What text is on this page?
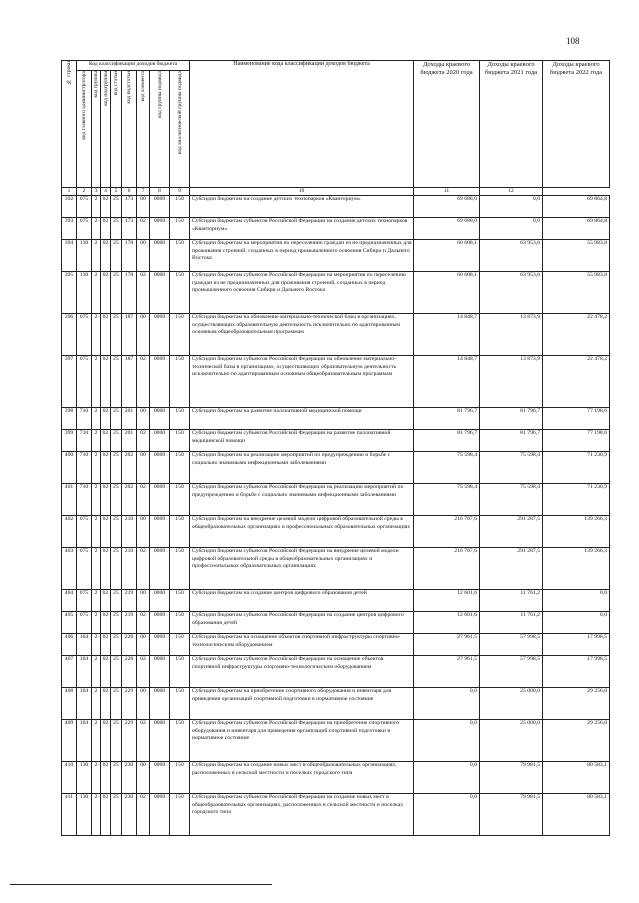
108
№ строки	Код классификации доходов бюджета								Наименование кода классификации доходов бюджета	Доходы краевого бюджета 2020 года	Доходы краевого бюджета 2021 года	Доходы краевого бюджета 2022 года
	код главного администратора	код группы	код подгруппы	код статьи	код подстатьи	код элемента	код группы подвида	код аналитической группы подвида				
1	2	3	4	5	6	7	8	9	10	11	12	
392	075	2	02	25	173	00	0000	150	Субсидии бюджетам на создание детских технопарков «Кванториум»	69 688,0	0,0	69 864,8
393	075	2	02	25	173	02	0000	150	Субсидии бюджетам субъектов Российской Федерации на создание детских технопарков «Кванториум»	69 688,0	0,0	69 864,8
394	130	2	02	25	178	00	0000	150	Субсидии бюджетам на мероприятия по переселению граждан из не предназначенных для проживания строений, созданных в период промышленного освоения Сибири и Дальнего Востока	60 608,1	63 953,6	55 983,8
395	130	2	02	25	178	02	0000	150	Субсидии бюджетам субъектов Российской Федерации на мероприятия по переселению граждан из не предназначенных для проживания строений, созданных в период промышленного освоения Сибири и Дальнего Востока	60 608,1	63 953,6	55 983,8
396	075	2	02	25	187	00	0000	150	Субсидии бюджетам на обновление материально-технической базы в организациях, осуществляющих образовательную деятельность исключительно по адаптированным основным общеобразовательным программам	14 848,7	13 873,9	22 478,2
397	075	2	02	25	187	02	0000	150	Субсидии бюджетам субъектов Российской Федерации на обновление материально-технической базы в организациях, осуществляющих образовательную деятельность исключительно по адаптированным основным общеобразовательным программам	14 848,7	13 873,9	22 478,2
398	710	2	02	25	201	00	0000	150	Субсидии бюджетам на развитие паллиативной медицинской помощи	81 796,7	81 796,7	77 198,6
399	710	2	02	25	201	02	0000	150	Субсидии бюджетам субъектов Российской Федерации на развитие паллиативной медицинской помощи	81 796,7	81 796,7	77 198,6
400	710	2	02	25	202	00	0000	150	Субсидии бюджетам на реализацию мероприятий по предупреждению и борьбе с социально значимыми инфекционными заболеваниями	75 598,4	75 598,4	71 230,9
401	710	2	02	25	202	02	0000	150	Субсидии бюджетам субъектов Российской Федерации на реализацию мероприятий по предупреждению и борьбе с социально значимыми инфекционными заболеваниями	75 598,4	75 598,4	71 230,9
402	075	2	02	25	210	00	0000	150	Субсидии бюджетам на внедрение целевой модели цифровой образовательной среды в общеобразовательных организациях и профессиональных образовательных организациях	216 767,6	291 287,5	139 266,3
403	075	2	02	25	210	02	0000	150	Субсидии бюджетам субъектов Российской Федерации на внедрение целевой модели цифровой образовательной среды в общеобразовательных организациях и профессиональных образовательных организациях	216 767,6	291 287,5	139 266,3
404	075	2	02	25	219	00	0000	150	Субсидии бюджетам на создание центров цифрового образования детей	12 601,6	11 761,2	0,0
405	075	2	02	25	219	02	0000	150	Субсидии бюджетам субъектов Российской Федерации на создание центров цифрового образования детей	12 601,6	11 761,2	0,0
406	164	2	02	25	228	00	0000	150	Субсидии бюджетам на оснащение объектов спортивной инфраструктуры спортивно-технологическим оборудованием	27 961,5	57 998,5	17 998,5
407	164	2	02	25	228	02	0000	150	Субсидии бюджетам субъектов Российской Федерации на оснащение объектов спортивной инфраструктуры спортивно-технологическим оборудованием	27 961,5	57 998,5	17 998,5
408	164	2	02	25	229	00	0000	150	Субсидии бюджетам на приобретение спортивного оборудования и инвентаря для приведения организаций спортивной подготовки в нормативное состояние	0,0	25 000,0	29 256,0
409	164	2	02	25	229	02	0000	150	Субсидии бюджетам субъектов Российской Федерации на приобретение спортивного оборудования и инвентаря для приведения организаций спортивной подготовки в нормативное состояние	0,0	25 000,0	29 256,0
410	130	2	02	25	230	00	0000	150	Субсидии бюджетам на создание новых мест в общеобразовательных организациях, расположенных в сельской местности и поселках городского типа	0,0	79 981,5	80 583,1
411	130	2	02	25	230	02	0000	150	Субсидии бюджетам субъектов Российской Федерации на создание новых мест в общеобразовательных организациях, расположенных в сельской местности и поселках городского типа	0,0	79 981,5	80 583,1
